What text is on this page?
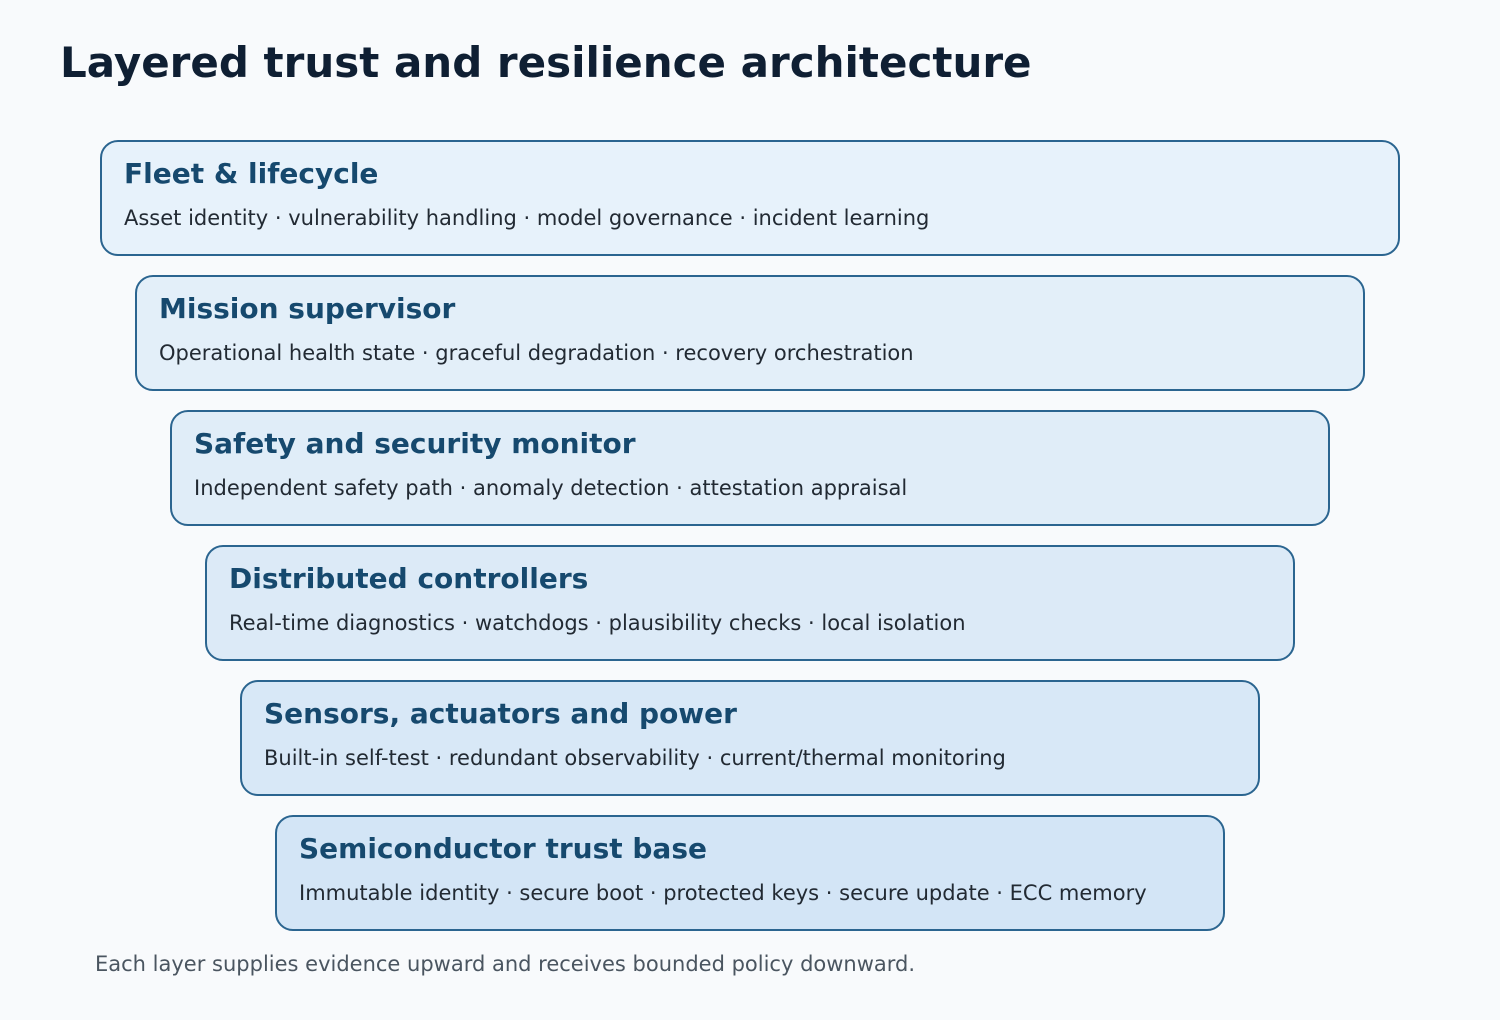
Layered trust and resilience architecture
Fleet & lifecycle
Asset identity · vulnerability handling · model governance · incident learning
Mission supervisor
Operational health state · graceful degradation · recovery orchestration
Safety and security monitor
Independent safety path · anomaly detection · attestation appraisal
Distributed controllers
Real-time diagnostics · watchdogs · plausibility checks · local isolation
Sensors, actuators and power
Built-in self-test · redundant observability · current/thermal monitoring
Semiconductor trust base
Immutable identity · secure boot · protected keys · secure update · ECC memory
Each layer supplies evidence upward and receives bounded policy downward.
